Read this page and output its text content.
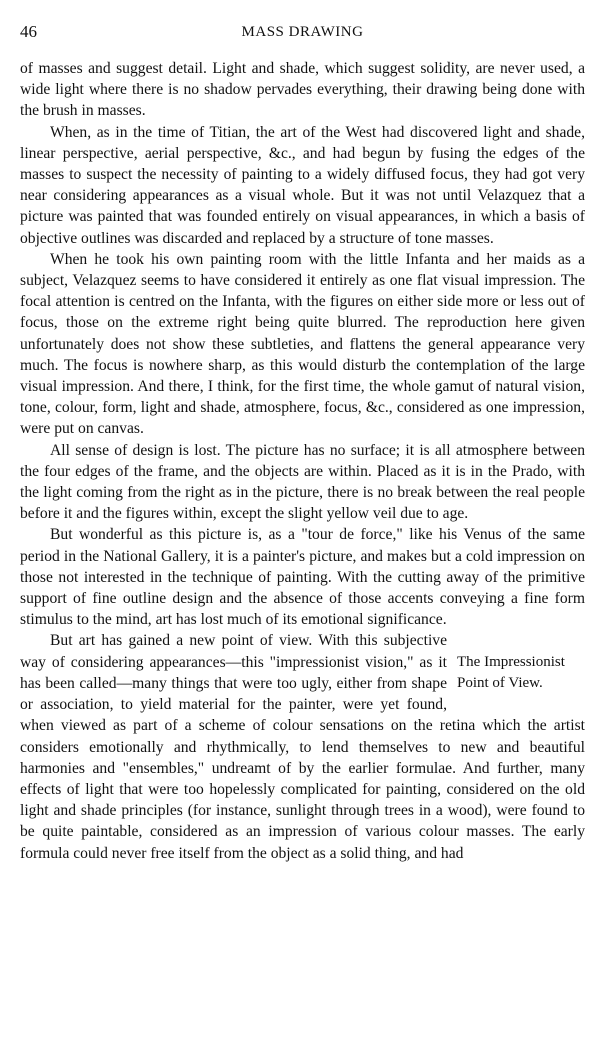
46	MASS DRAWING

of masses and suggest detail. Light and shade, which suggest solidity, are never used, a wide light where there is no shadow pervades everything, their drawing being done with the brush in masses.

When, as in the time of Titian, the art of the West had discovered light and shade, linear perspective, aerial perspective, &c., and had begun by fusing the edges of the masses to suspect the necessity of painting to a widely diffused focus, they had got very near considering appearances as a visual whole. But it was not until Velazquez that a picture was painted that was founded entirely on visual appearances, in which a basis of objective outlines was discarded and replaced by a structure of tone masses.

When he took his own painting room with the little Infanta and her maids as a subject, Velazquez seems to have considered it entirely as one flat visual impression. The focal attention is centred on the Infanta, with the figures on either side more or less out of focus, those on the extreme right being quite blurred. The reproduction here given unfortunately does not show these subtleties, and flattens the general appearance very much. The focus is nowhere sharp, as this would disturb the contemplation of the large visual impression. And there, I think, for the first time, the whole gamut of natural vision, tone, colour, form, light and shade, atmosphere, focus, &c., considered as one impression, were put on canvas.

All sense of design is lost. The picture has no surface; it is all atmosphere between the four edges of the frame, and the objects are within. Placed as it is in the Prado, with the light coming from the right as in the picture, there is no break between the real people before it and the figures within, except the slight yellow veil due to age.

But wonderful as this picture is, as a "tour de force," like his Venus of the same period in the National Gallery, it is a painter's picture, and makes but a cold impression on those not interested in the technique of painting. With the cutting away of the primitive support of fine outline design and the absence of those accents conveying a fine form stimulus to the mind, art has lost much of its emotional significance.

The Impressionist Point of View.

But art has gained a new point of view. With this subjective way of considering appearances—this "impressionist vision," as it has been called—many things that were too ugly, either from shape or association, to yield material for the painter, were yet found, when viewed as part of a scheme of colour sensations on the retina which the artist considers emotionally and rhythmically, to lend themselves to new and beautiful harmonies and "ensembles," undreamt of by the earlier formulae. And further, many effects of light that were too hopelessly complicated for painting, considered on the old light and shade principles (for instance, sunlight through trees in a wood), were found to be quite paintable, considered as an impression of various colour masses. The early formula could never free itself from the object as a solid thing, and had
